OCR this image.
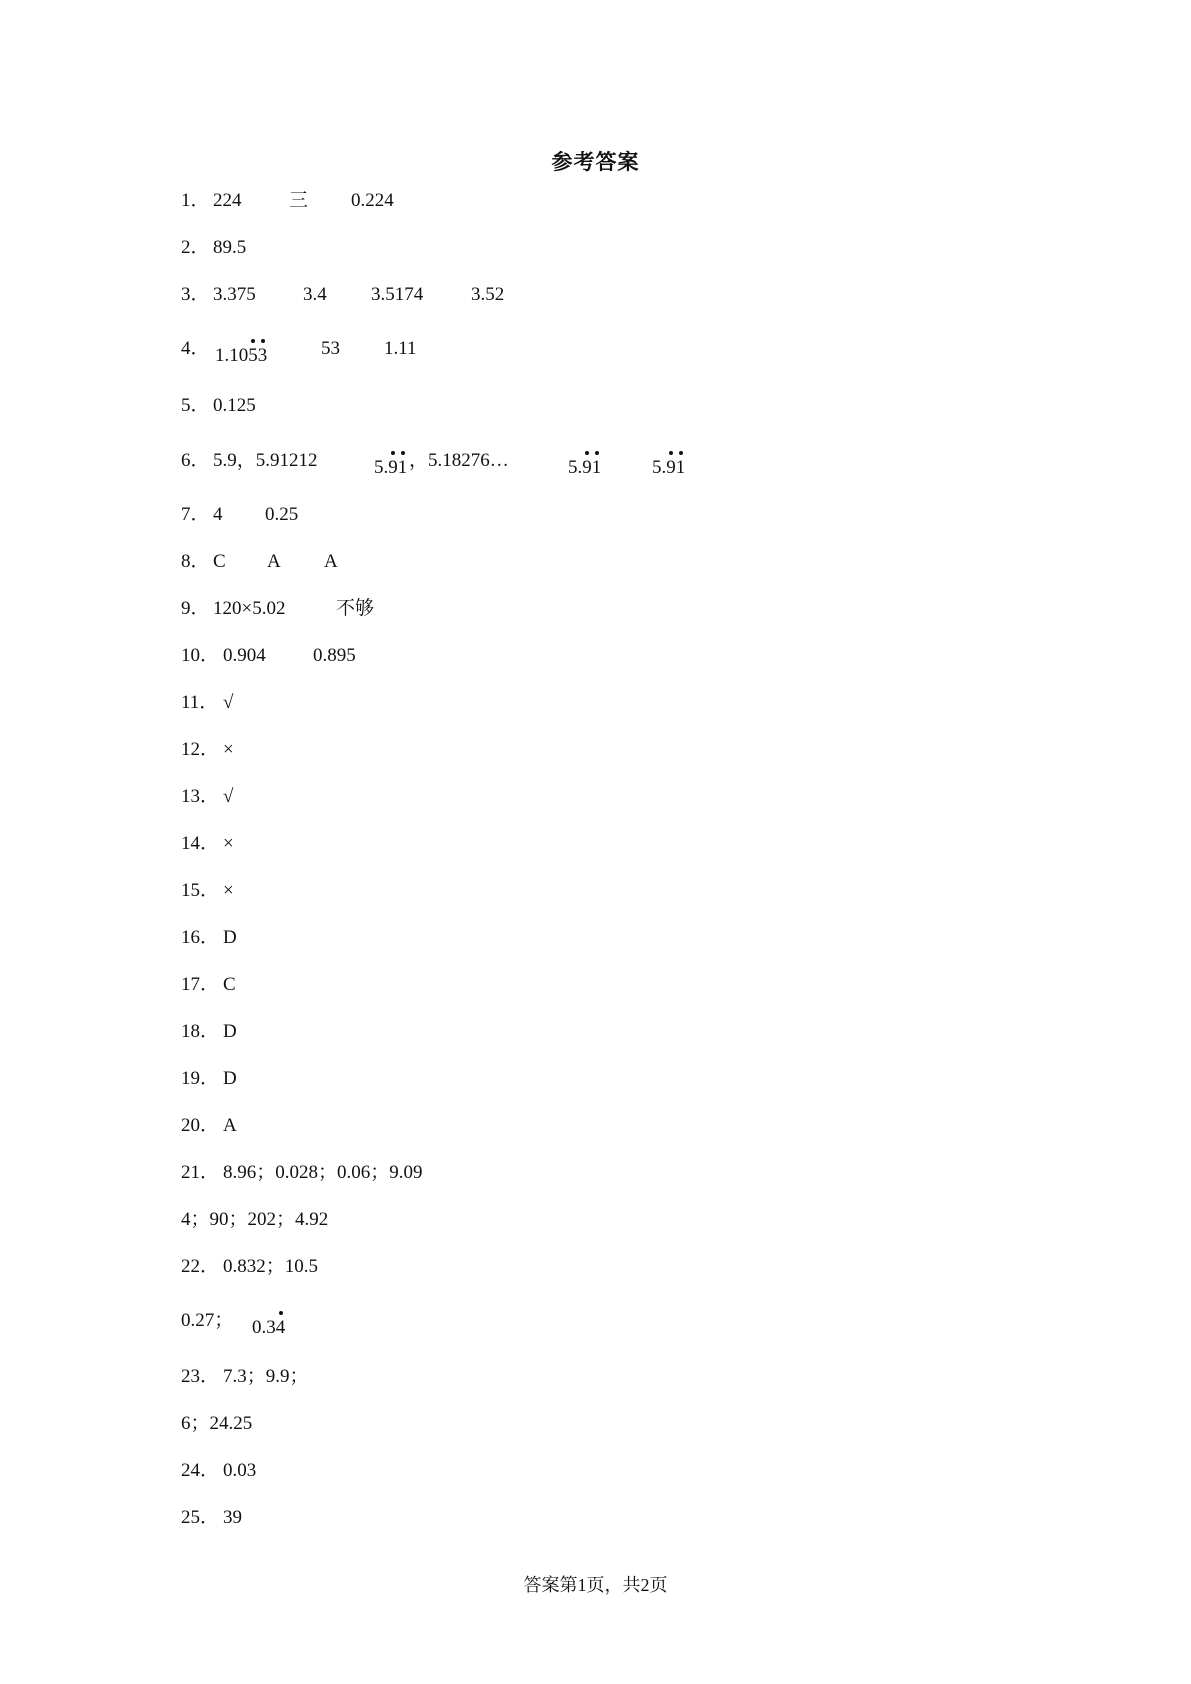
参考答案
1． 224	三 0.224
2． 89.5
3． 3.375 3.4 3.5174	3.52
4． 1.10
5
3	53 1.11
5． 0.125
6． 5.9，5.91212	5.
9
1 ，5.18276…	5.
9
1	5.
9
1
7． 4 0.25
8． C A A
9． 120×5.02	不够
10． 0.904 0.895
11． √
12． ×
13． √
14． ×
15． ×
16． D
17． C
18． D
19． D
20． A
21． 8.96；0.028；0.06；9.09
4；90；202；4.92
22． 0.832；10.5
0.27； 0.3
4
23． 7.3；9.9；
6；24.25
24． 0.03
25． 39
答案第1页，共2页
